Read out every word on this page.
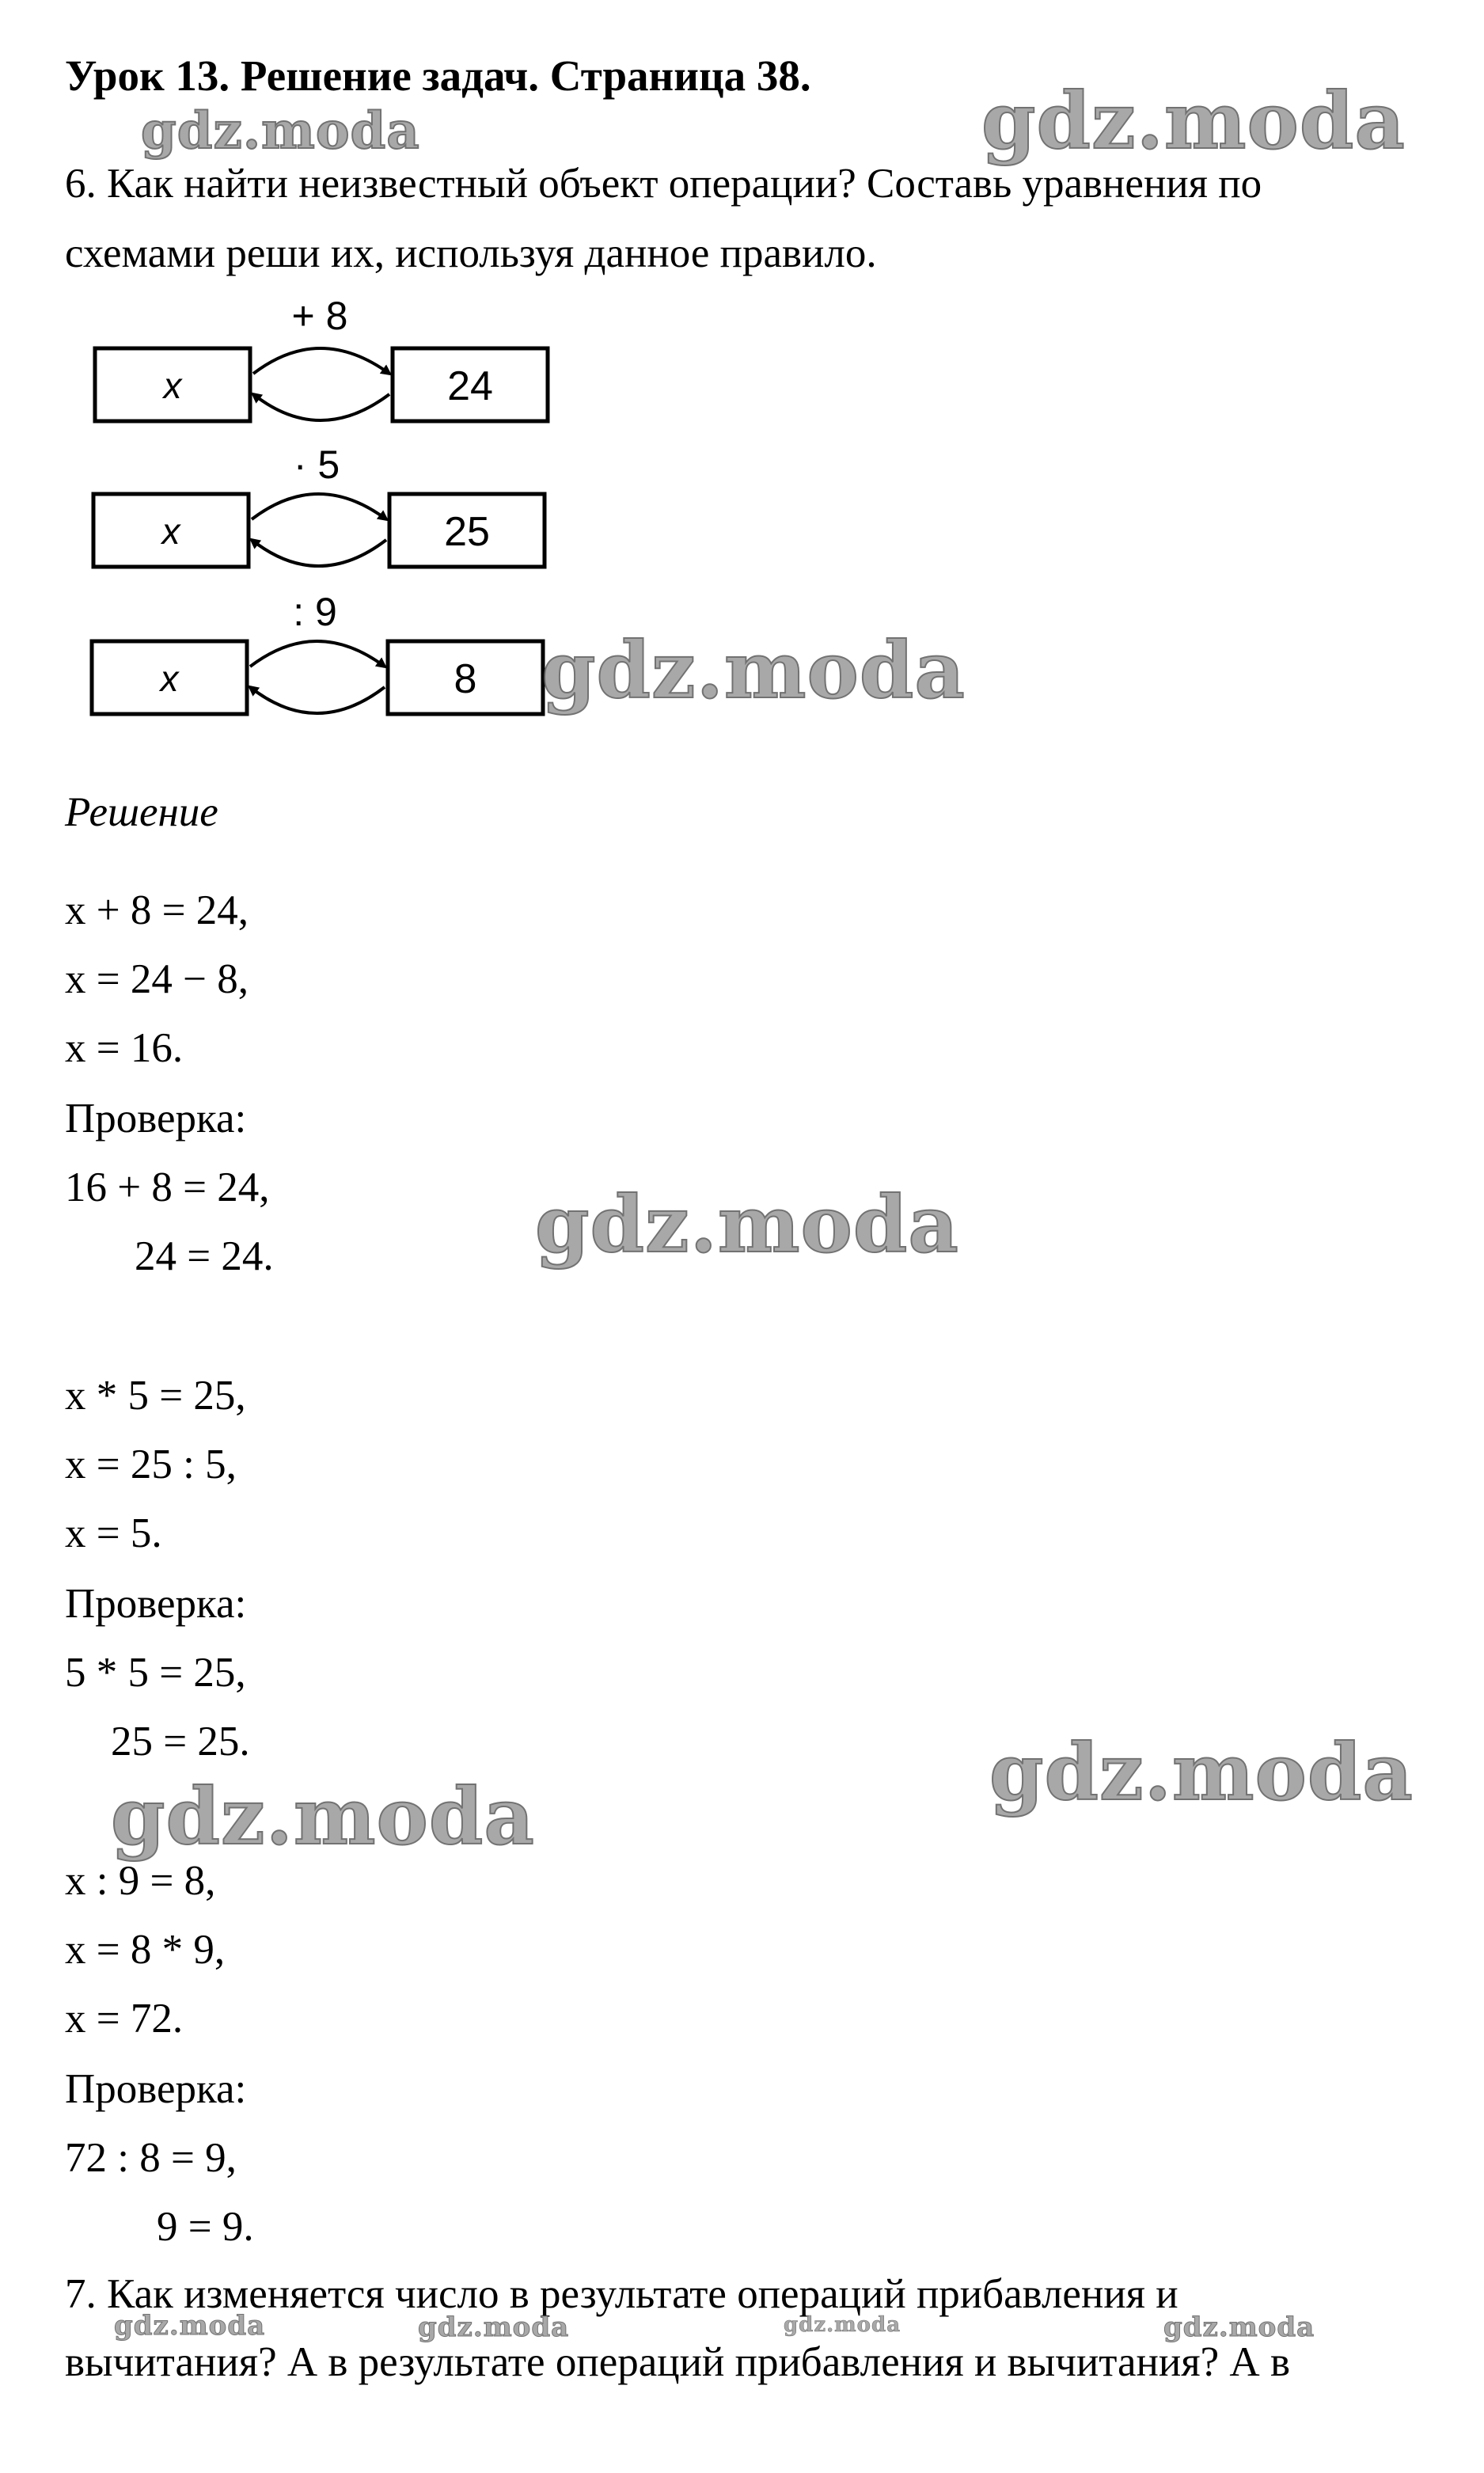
Урок 13. Решение задач. Страница 38.
6. Как найти неизвестный объект операции? Составь уравнения по
схемами реши их, используя данное правило.
x	24
+ 8
x	25
· 5
x	8
: 9
Решение
x + 8 = 24,
x = 24 − 8,
x = 16.
Проверка:
16 + 8 = 24,
24 = 24.
x * 5 = 25,
x = 25 : 5,
x = 5.
Проверка:
5 * 5 = 25,
25 = 25.
x : 9 = 8,
x = 8 * 9,
x = 72.
Проверка:
72 : 8 = 9,
9 = 9.
7. Как изменяется число в результате операций прибавления и
вычитания? А в результате операций прибавления и вычитания? А в
gdz.moda	gdz.moda
gdz.moda
gdz.moda
gdz.moda
gdz.moda
gdz.moda	gdz.moda	gdz.moda	gdz.moda
